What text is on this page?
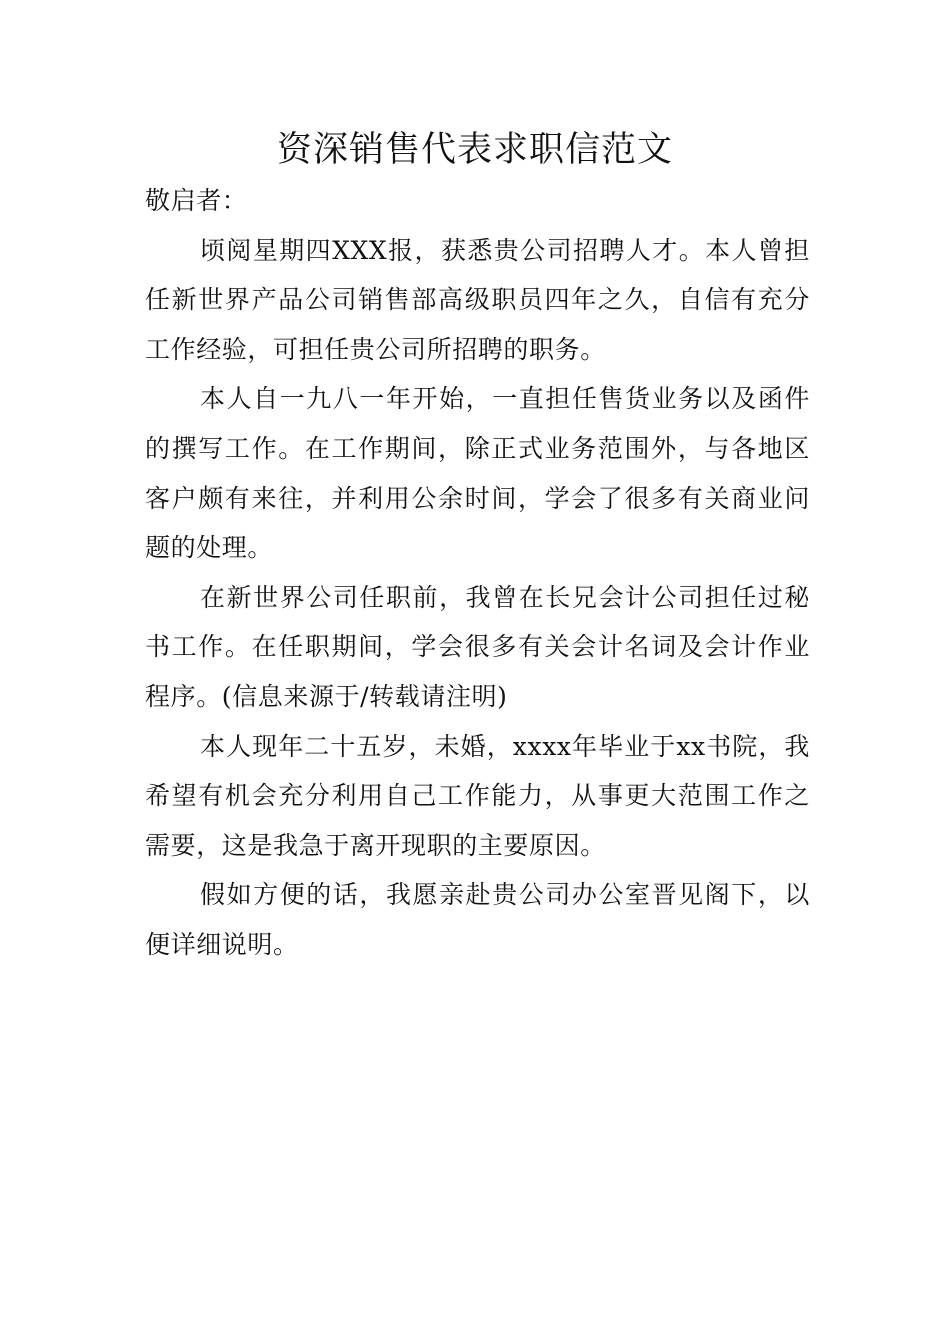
资深销售代表求职信范文

敬启者：

顷阅星期四XXX报，获悉贵公司招聘人才。本人曾担任新世界产品公司销售部高级职员四年之久，自信有充分工作经验，可担任贵公司所招聘的职务。

本人自一九八一年开始，一直担任售货业务以及函件的撰写工作。在工作期间，除正式业务范围外，与各地区客户颇有来往，并利用公余时间，学会了很多有关商业问题的处理。

在新世界公司任职前，我曾在长兄会计公司担任过秘书工作。在任职期间，学会很多有关会计名词及会计作业程序。(信息来源于/转载请注明)

本人现年二十五岁，未婚，xxxx年毕业于xx书院，我希望有机会充分利用自己工作能力，从事更大范围工作之需要，这是我急于离开现职的主要原因。

假如方便的话，我愿亲赴贵公司办公室晋见阁下，以便详细说明。
